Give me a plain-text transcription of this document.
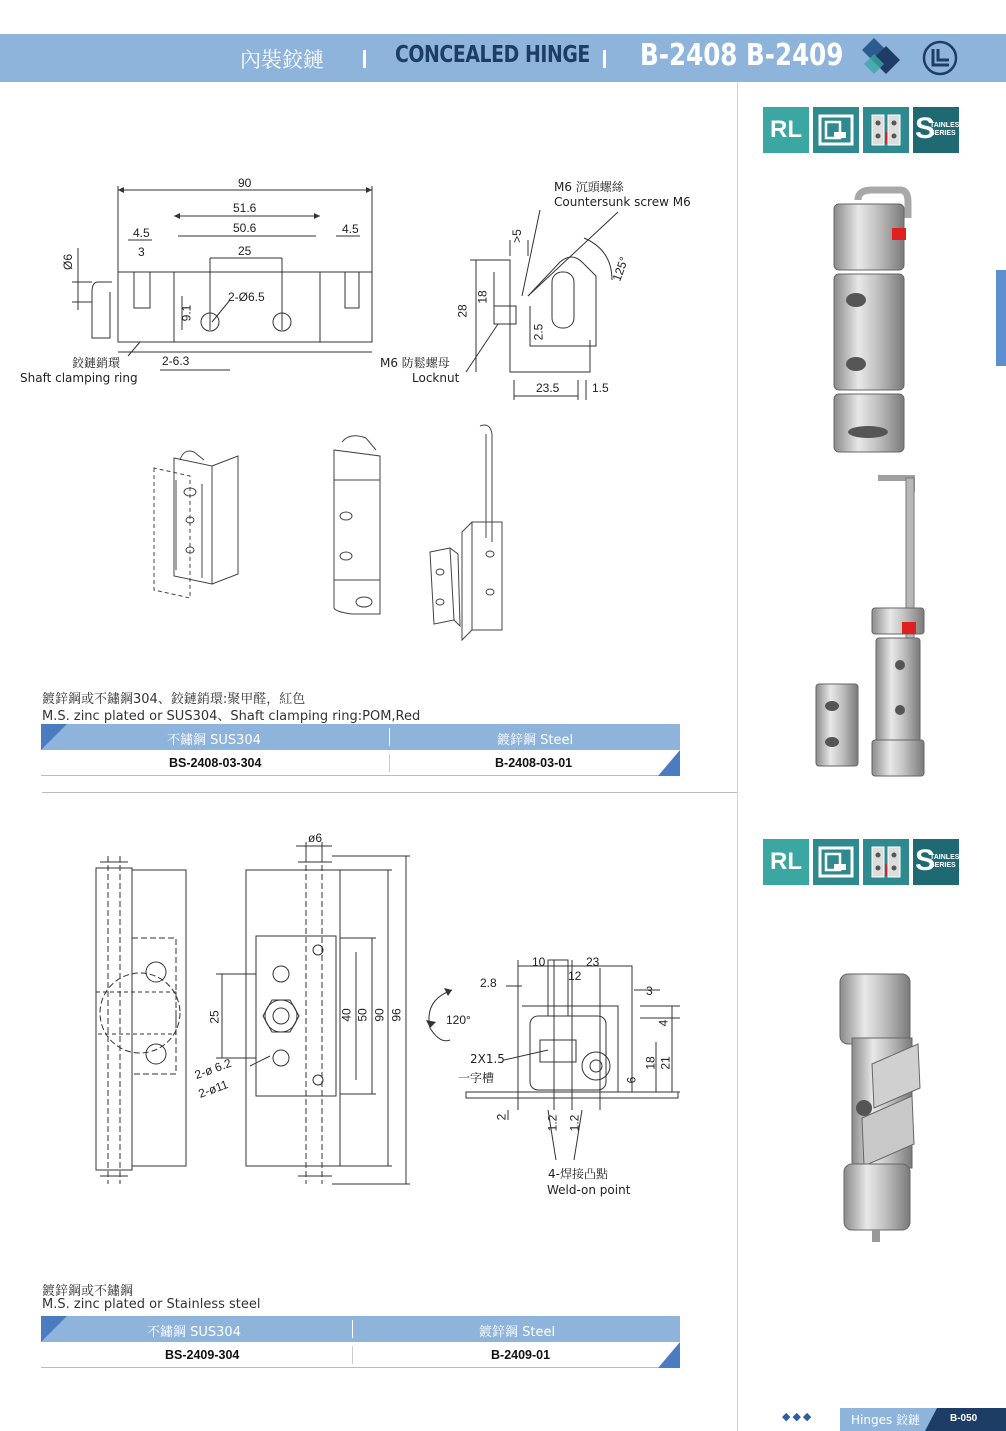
內裝鉸鏈	CONCEALED HINGE B-2408 B-2409
RL	S
TAINLESS
SERIES
90
51.6
50.6
4.5	4.5
3	25
2-Ø6.5
9.1
2-6.3
Ø6
>5
28
18
2.5
23.5	1.5
125°
M6 沉頭螺絲
Countersunk screw M6
鉸鏈銷環
Shaft clamping ring
M6 防鬆螺母
Locknut
鍍鋅鋼或不鏽鋼304、鉸鏈銷環:聚甲醛，紅色
M.S. zinc plated or SUS304、Shaft clamping ring:POM,Red
不鏽鋼 SUS304	鍍鋅鋼 Steel
BS-2408-03-304	B-2408-03-01
RL	S
TAINLESS
SERIES
ø6
25	40 50 90 96
2-ø 6.2
2-ø11
120°
10	23
12
2.8
3
4
2X1.5
一字槽	6
18 21
2	1.2 1.2
4-焊接凸點
Weld-on point
鍍鋅鋼或不鏽鋼
M.S. zinc plated or Stainless steel
不鏽鋼 SUS304	鍍鋅鋼 Steel
BS-2409-304	B-2409-01
◆◆◆	Hinges 鉸鏈	B-050
